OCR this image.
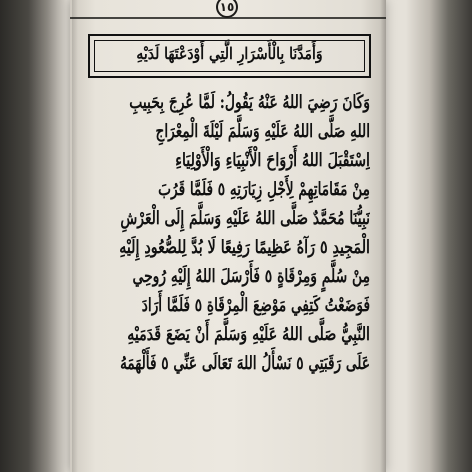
١٥
وَأَمَدَّنَا بِالْأَسْرَارِ الَّتِي أَوْدَعْتَهَا لَدَيْهِ
وَكَانَ رَضِيَ اللهُ عَنْهُ يَقُولُ: لَمَّا عُرِجَ بِحَبِيبِ
اللهِ صَلَّى اللهُ عَلَيْهِ وَسَلَّمَ لَيْلَةَ الْمِعْرَاجِ
اِسْتَقْبَلَ اللهُ أَرْوَاحَ الْأَنْبِيَاءِ وَالْأَوْلِيَاءِ
مِنْ مَقَامَاتِهِمْ لِأَجْلِ زِيَارَتِهِ ٥ فَلَمَّا قَرُبَ
نَبِيُّنَا مُحَمَّدٌ صَلَّى اللهُ عَلَيْهِ وَسَلَّمَ إِلَى الْعَرْشِ
الْمَجِيدِ ٥ رَآهُ عَظِيمًا رَفِيعًا لَا بُدَّ لِلصُّعُودِ إِلَيْهِ
مِنْ سُلَّمٍ وَمِرْقَاةٍ ٥ فَأَرْسَلَ اللهُ إِلَيْهِ رُوحِي
فَوَضَعْتُ كَتِفِي مَوْضِعَ الْمِرْقَاةِ ٥ فَلَمَّا أَرَادَ
النَّبِيُّ صَلَّى اللهُ عَلَيْهِ وَسَلَّمَ أَنْ يَضَعَ قَدَمَيْهِ
عَلَى رَقَبَتِي ٥ نَسْأَلُ اللهَ تَعَالَى عَنِّي ٥ فَأَلْهَمَهُ
